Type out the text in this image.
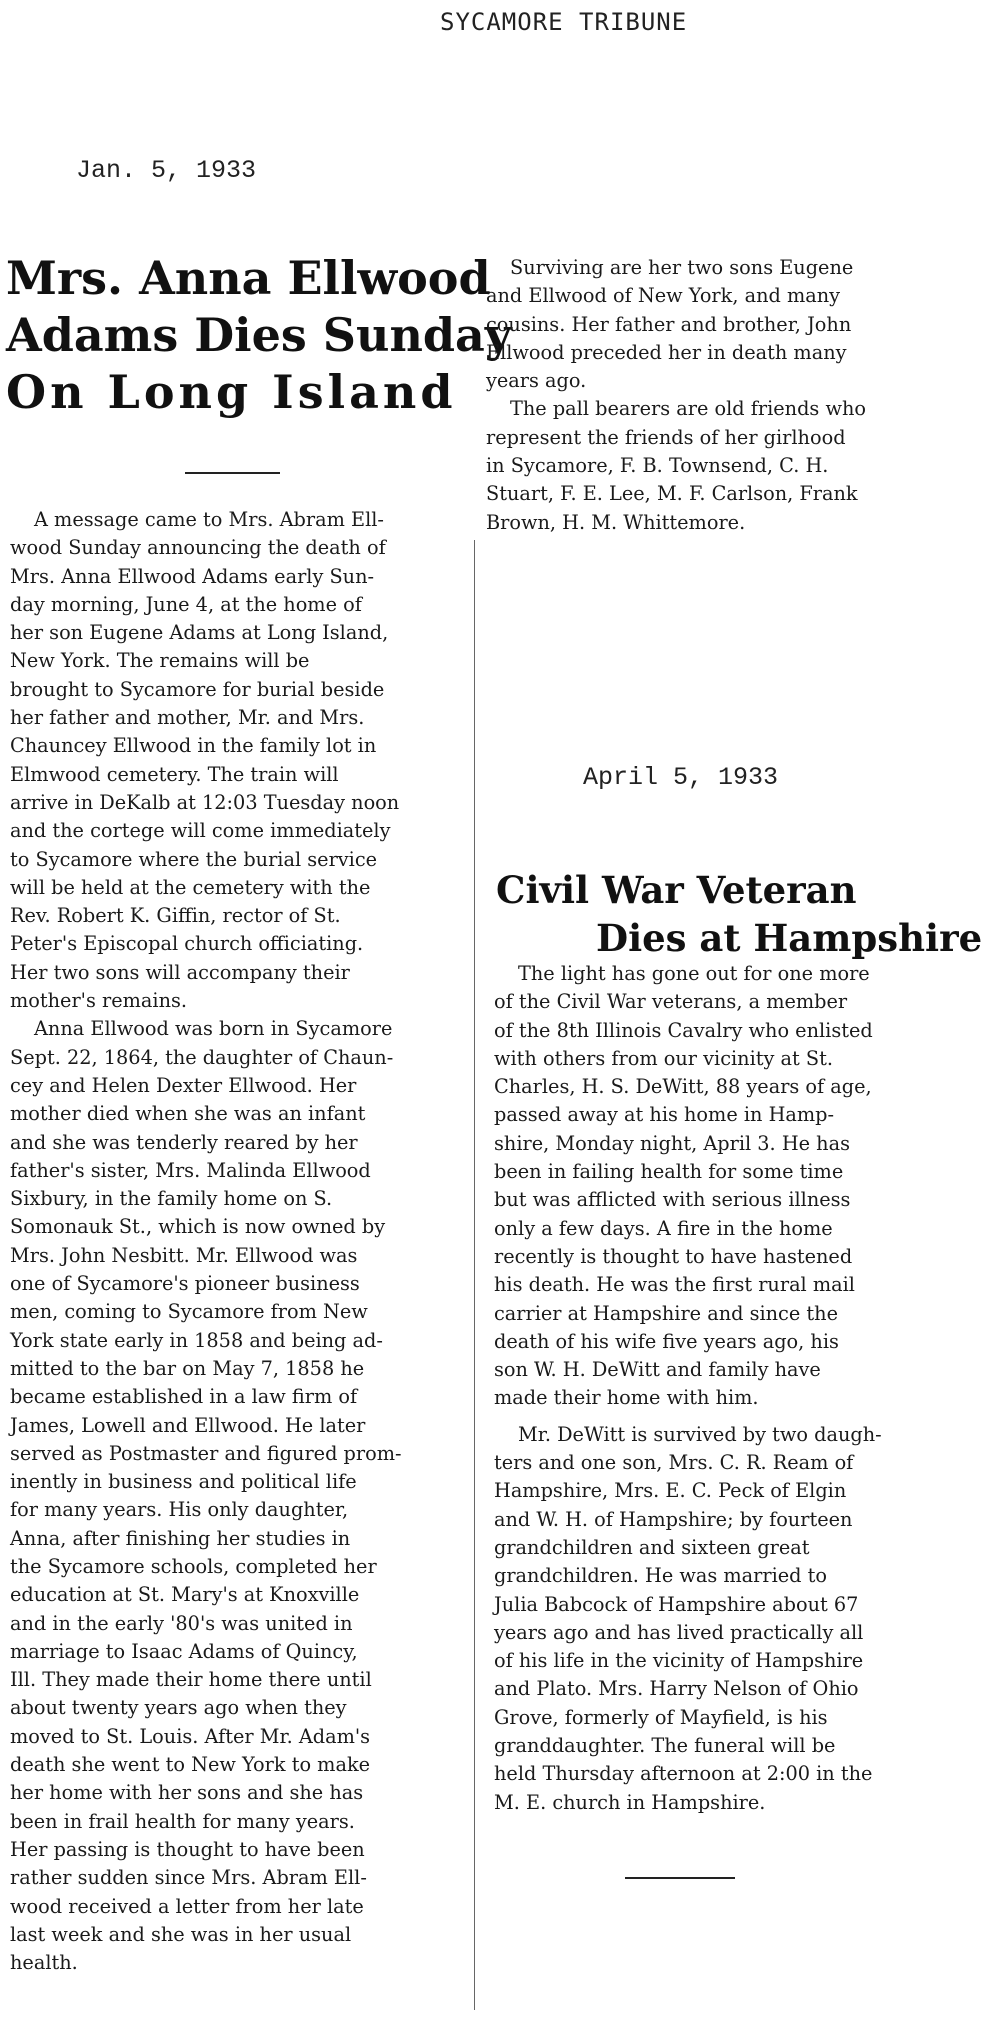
SYCAMORE TRIBUNE
Jan. 5, 1933
Mrs. Anna Ellwood
Adams Dies Sunday
On Long Island
A message came to Mrs. Abram Ell-
wood Sunday announcing the death of
Mrs. Anna Ellwood Adams early Sun-
day morning, June 4, at the home of
her son Eugene Adams at Long Island,
New York. The remains will be
brought to Sycamore for burial beside
her father and mother, Mr. and Mrs.
Chauncey Ellwood in the family lot in
Elmwood cemetery. The train will
arrive in DeKalb at 12:03 Tuesday noon
and the cortege will come immediately
to Sycamore where the burial service
will be held at the cemetery with the
Rev. Robert K. Giffin, rector of St.
Peter's Episcopal church officiating.
Her two sons will accompany their
mother's remains.
Anna Ellwood was born in Sycamore
Sept. 22, 1864, the daughter of Chaun-
cey and Helen Dexter Ellwood. Her
mother died when she was an infant
and she was tenderly reared by her
father's sister, Mrs. Malinda Ellwood
Sixbury, in the family home on S.
Somonauk St., which is now owned by
Mrs. John Nesbitt. Mr. Ellwood was
one of Sycamore's pioneer business
men, coming to Sycamore from New
York state early in 1858 and being ad-
mitted to the bar on May 7, 1858 he
became established in a law firm of
James, Lowell and Ellwood. He later
served as Postmaster and figured prom-
inently in business and political life
for many years. His only daughter,
Anna, after finishing her studies in
the Sycamore schools, completed her
education at St. Mary's at Knoxville
and in the early '80's was united in
marriage to Isaac Adams of Quincy,
Ill. They made their home there until
about twenty years ago when they
moved to St. Louis. After Mr. Adam's
death she went to New York to make
her home with her sons and she has
been in frail health for many years.
Her passing is thought to have been
rather sudden since Mrs. Abram Ell-
wood received a letter from her late
last week and she was in her usual
health.
Surviving are her two sons Eugene
and Ellwood of New York, and many
cousins. Her father and brother, John
Ellwood preceded her in death many
years ago.
The pall bearers are old friends who
represent the friends of her girlhood
in Sycamore, F. B. Townsend, C. H.
Stuart, F. E. Lee, M. F. Carlson, Frank
Brown, H. M. Whittemore.
April 5, 1933
Civil War Veteran
Dies at Hampshire
The light has gone out for one more
of the Civil War veterans, a member
of the 8th Illinois Cavalry who enlisted
with others from our vicinity at St.
Charles, H. S. DeWitt, 88 years of age,
passed away at his home in Hamp-
shire, Monday night, April 3. He has
been in failing health for some time
but was afflicted with serious illness
only a few days. A fire in the home
recently is thought to have hastened
his death. He was the first rural mail
carrier at Hampshire and since the
death of his wife five years ago, his
son W. H. DeWitt and family have
made their home with him.
Mr. DeWitt is survived by two daugh-
ters and one son, Mrs. C. R. Ream of
Hampshire, Mrs. E. C. Peck of Elgin
and W. H. of Hampshire; by fourteen
grandchildren and sixteen great
grandchildren. He was married to
Julia Babcock of Hampshire about 67
years ago and has lived practically all
of his life in the vicinity of Hampshire
and Plato. Mrs. Harry Nelson of Ohio
Grove, formerly of Mayfield, is his
granddaughter. The funeral will be
held Thursday afternoon at 2:00 in the
M. E. church in Hampshire.
